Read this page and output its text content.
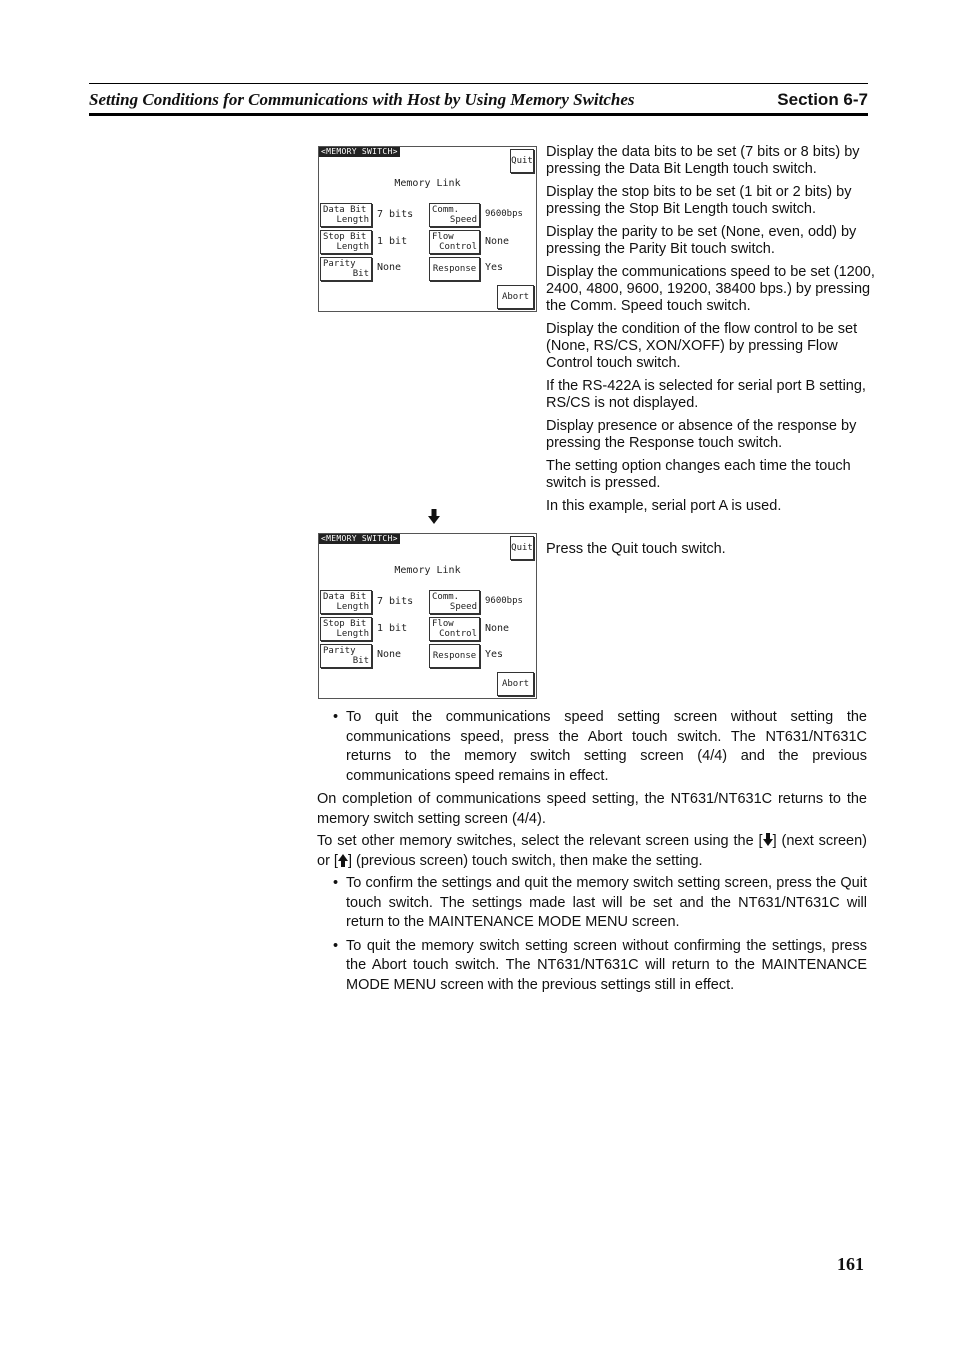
Setting Conditions for Communications with Host by Using Memory Switches	Section 6-7
<MEMORY SWITCH>
Quit
Memory Link
Data Bit
Length 7 bits
Stop Bit
Length 1 bit
Parity
Bit
None
Comm.
Speed
9600bps
Flow
Control None
Response Yes
Abort

Display the data bits to be set (7 bits or 8 bits) by pressing the Data Bit Length touch switch.

Display the stop bits to be set (1 bit or 2 bits) by pressing the Stop Bit Length touch switch.

Display the parity to be set (None, even, odd) by pressing the Parity Bit touch switch.

Display the communications speed to be set (1200, 2400, 4800, 9600, 19200, 38400 bps.) by pressing the Comm. Speed touch switch.

Display the condition of the flow control to be set (None, RS/CS, XON/XOFF) by pressing Flow Control touch switch.

If the RS-422A is selected for serial port B setting, RS/CS is not displayed.

Display presence or absence of the response by pressing the Response touch switch.

The setting option changes each time the touch switch is pressed.

In this example, serial port A is used.

<MEMORY SWITCH>
Quit
Memory Link
Data Bit
Length 7 bits
Stop Bit
Length 1 bit
Parity
Bit
None
Comm.
Speed
9600bps
Flow
Control None
Response Yes
Abort

Press the Quit touch switch.

• To quit the communications speed setting screen without setting the communications speed, press the Abort touch switch. The NT631/NT631C returns to the memory switch setting screen (4/4) and the previous communications speed remains in effect.

On completion of communications speed setting, the NT631/NT631C returns to the memory switch setting screen (4/4).

To set other memory switches, select the relevant screen using the [ ] (next screen) or [ ] (previous screen) touch switch, then make the setting.

• To confirm the settings and quit the memory switch setting screen, press the Quit touch switch. The settings made last will be set and the NT631/NT631C will return to the MAINTENANCE MODE MENU screen.
• To quit the memory switch setting screen without confirming the settings, press the Abort touch switch. The NT631/NT631C will return to the MAINTENANCE MODE MENU screen with the previous settings still in effect.
161
